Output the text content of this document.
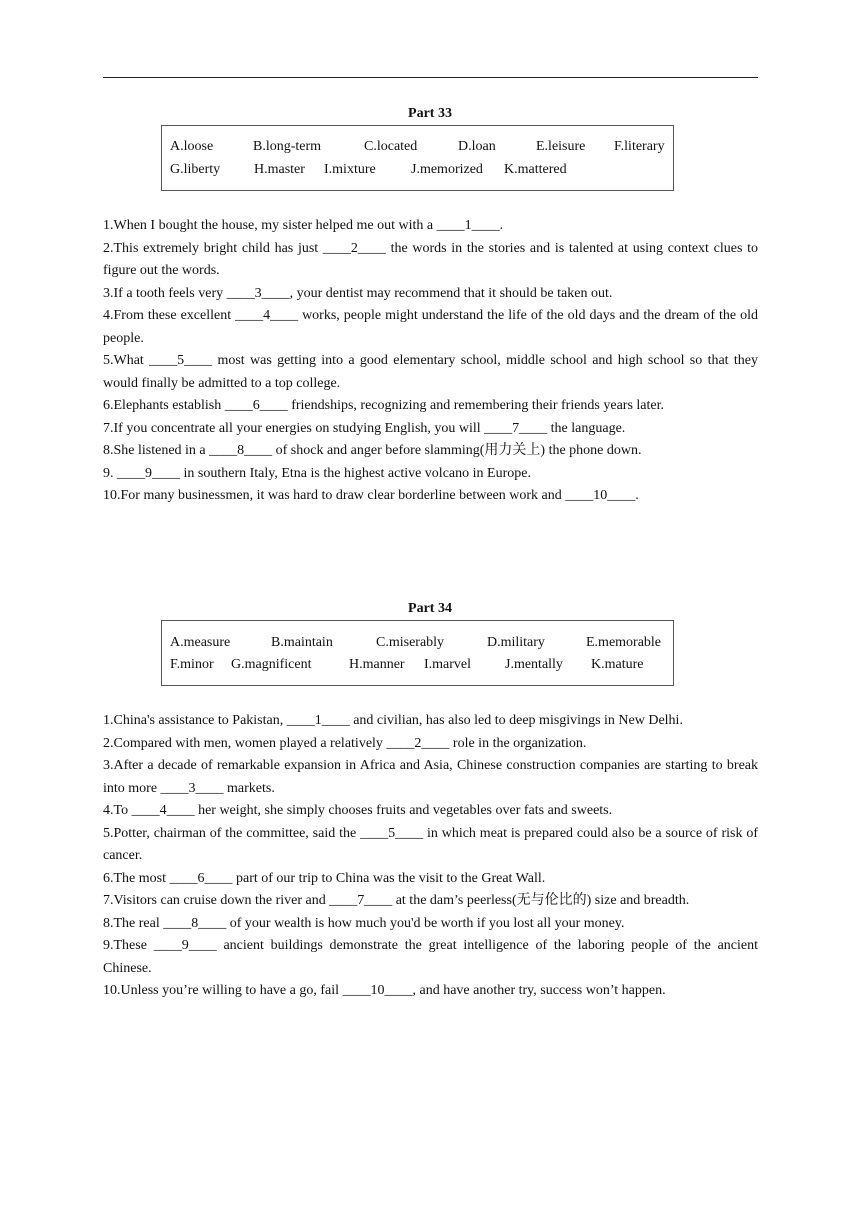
Part 33
A.loose	B.long-term	C.located	D.loan	E.leisure F.literary
G.liberty H.master I.mixture	J.memorized K.mattered

1.When I bought the house, my sister helped me out with a ____1____.

2.This extremely bright child has just ____2____ the words in the stories and is talented at using context clues to figure out the words.

3.If a tooth feels very ____3____, your dentist may recommend that it should be taken out.

4.From these excellent ____4____ works, people might understand the life of the old days and the dream of the old people.

5.What ____5____ most was getting into a good elementary school, middle school and high school so that they would finally be admitted to a top college.

6.Elephants establish ____6____ friendships, recognizing and remembering their friends years later.

7.If you concentrate all your energies on studying English, you will ____7____ the language.

8.She listened in a ____8____ of shock and anger before slamming(用力关上) the phone down.

9. ____9____ in southern Italy, Etna is the highest active volcano in Europe.

10.For many businessmen, it was hard to draw clear borderline between work and ____10____.

Part 34
A.measure	B.maintain	C.miserably	D.military	E.memorable
F.minor G.magnificent	H.manner I.marvel J.mentally K.mature

1.China's assistance to Pakistan, ____1____ and civilian, has also led to deep misgivings in New Delhi.

2.Compared with men, women played a relatively ____2____ role in the organization.

3.After a decade of remarkable expansion in Africa and Asia, Chinese construction companies are starting to break into more ____3____ markets.

4.To ____4____ her weight, she simply chooses fruits and vegetables over fats and sweets.

5.Potter, chairman of the committee, said the ____5____ in which meat is prepared could also be a source of risk of cancer.

6.The most ____6____ part of our trip to China was the visit to the Great Wall.

7.Visitors can cruise down the river and ____7____ at the dam’s peerless(无与伦比的) size and breadth.

8.The real ____8____ of your wealth is how much you'd be worth if you lost all your money.

9.These ____9____ ancient buildings demonstrate the great intelligence of the laboring people of the ancient Chinese.

10.Unless you’re willing to have a go, fail ____10____, and have another try, success won’t happen.
